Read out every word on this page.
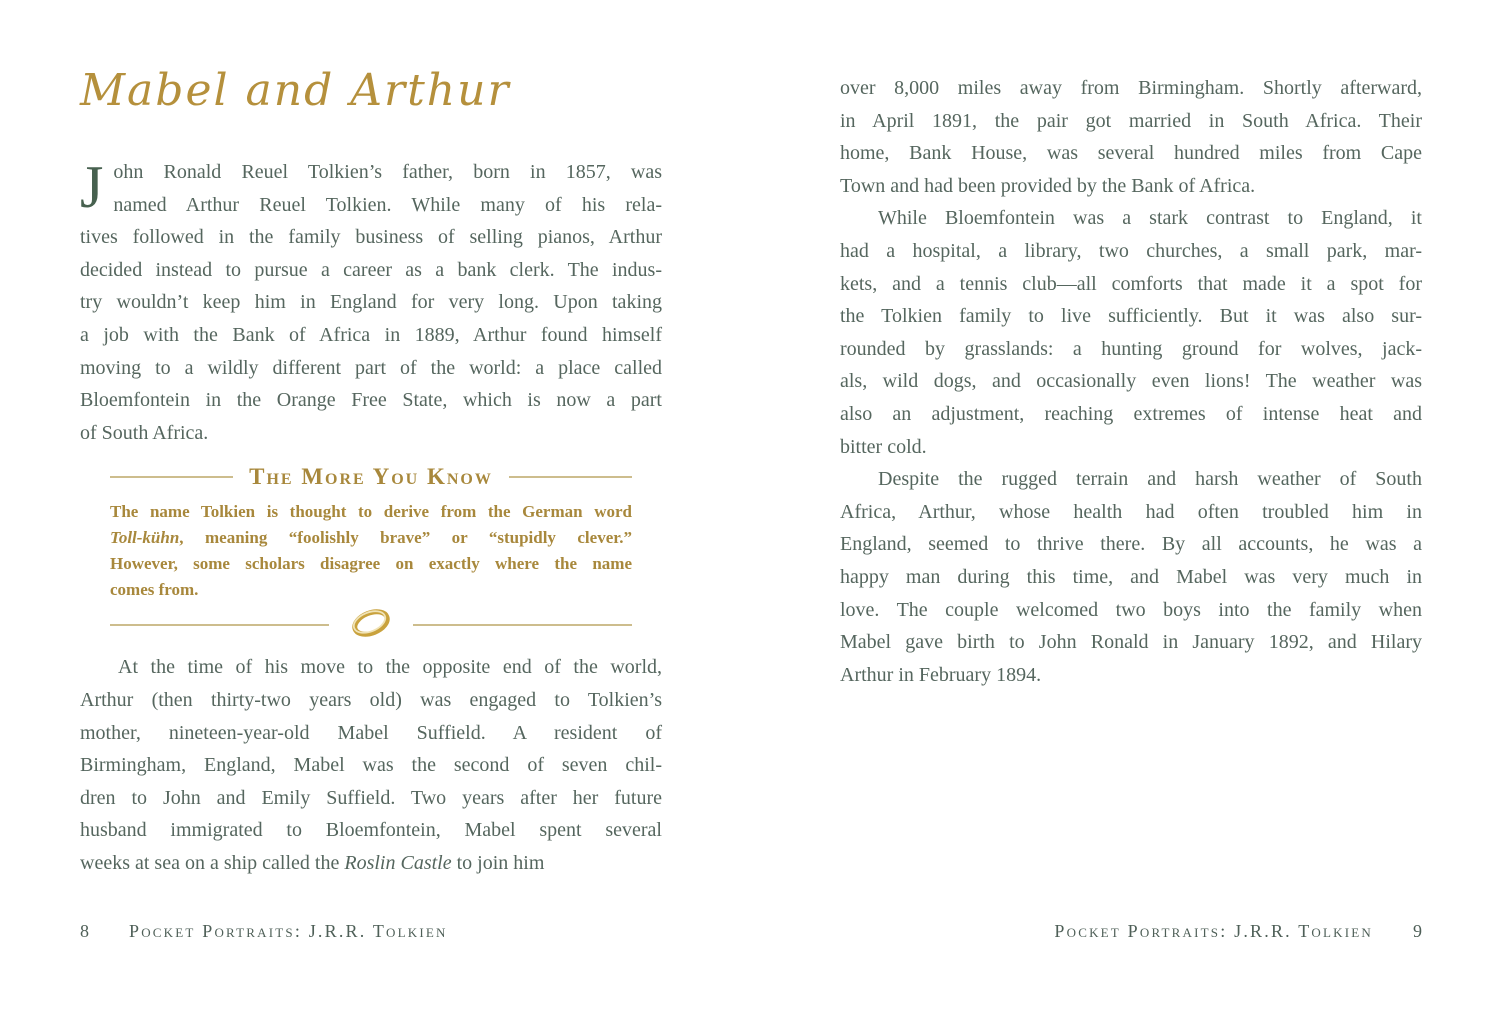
Mabel and Arthur
J ohn Ronald Reuel Tolkien’s father, born in 1857, was
named Arthur Reuel Tolkien. While many of his rela-
tives followed in the family business of selling pianos, Arthur
decided instead to pursue a career as a bank clerk. The indus-
try wouldn’t keep him in England for very long. Upon taking
a job with the Bank of Africa in 1889, Arthur found himself
moving to a wildly different part of the world: a place called
Bloemfontein in the Orange Free State, which is now a part
of South Africa.
The More You Know
The name Tolkien is thought to derive from the German word
Toll-kühn, meaning “foolishly brave” or “stupidly clever.”
However, some scholars disagree on exactly where the name
comes from.
At the time of his move to the opposite end of the world,
Arthur (then thirty-two years old) was engaged to Tolkien’s
mother, nineteen-year-old Mabel Suffield. A resident of
Birmingham, England, Mabel was the second of seven chil-
dren to John and Emily Suffield. Two years after her future
husband immigrated to Bloemfontein, Mabel spent several
weeks at sea on a ship called the Roslin Castle to join him
over 8,000 miles away from Birmingham. Shortly afterward,
in April 1891, the pair got married in South Africa. Their
home, Bank House, was several hundred miles from Cape
Town and had been provided by the Bank of Africa.
While Bloemfontein was a stark contrast to England, it
had a hospital, a library, two churches, a small park, mar-
kets, and a tennis club—all comforts that made it a spot for
the Tolkien family to live sufficiently. But it was also sur-
rounded by grasslands: a hunting ground for wolves, jack-
als, wild dogs, and occasionally even lions! The weather was
also an adjustment, reaching extremes of intense heat and
bitter cold.
Despite the rugged terrain and harsh weather of South
Africa, Arthur, whose health had often troubled him in
England, seemed to thrive there. By all accounts, he was a
happy man during this time, and Mabel was very much in
love. The couple welcomed two boys into the family when
Mabel gave birth to John Ronald in January 1892, and Hilary
Arthur in February 1894.
8 Pocket Portraits: J.R.R. Tolkien	Pocket Portraits: J.R.R. Tolkien 9
